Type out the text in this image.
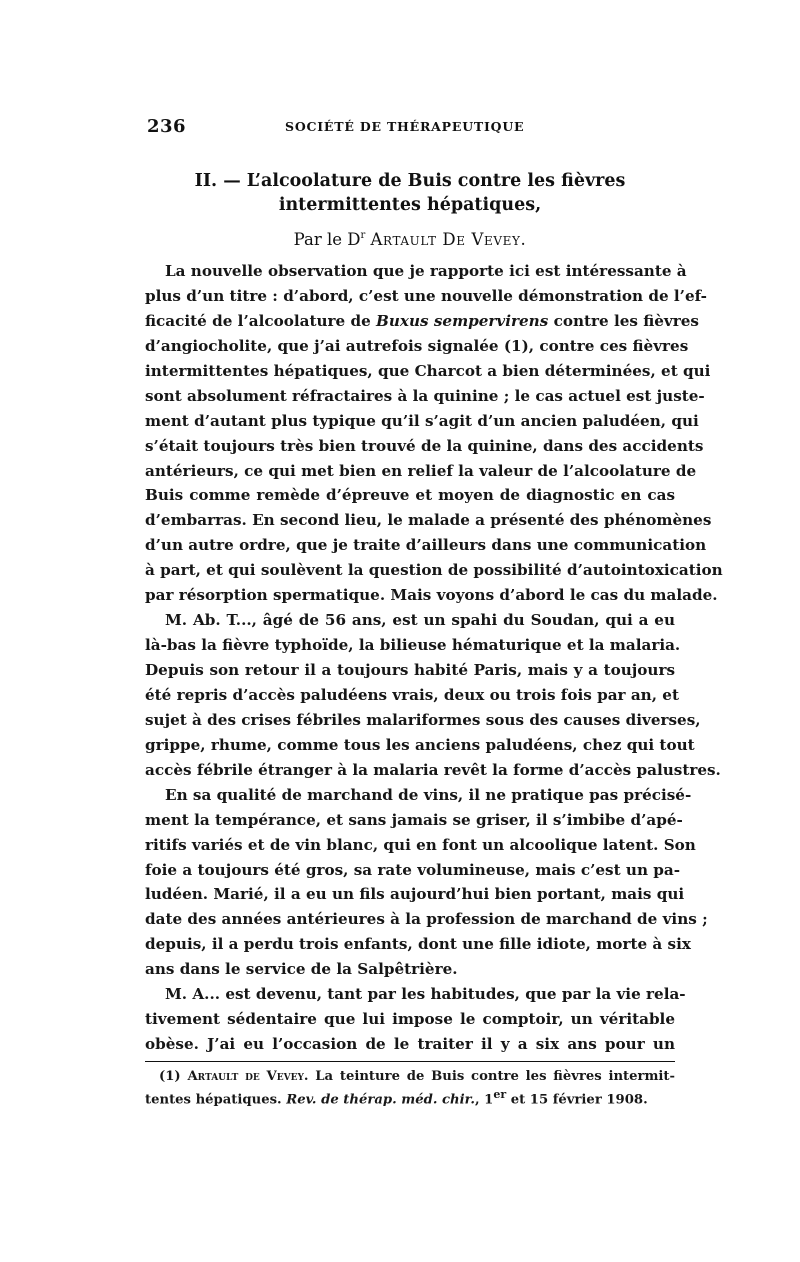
236	SOCIÉTÉ DE THÉRAPEUTIQUE
II. — L’alcoolature de Buis contre les fièvres
intermittentes hépatiques,
Par le $D^r$ Artault De Vevey.
La nouvelle observation que je rapporte ici est intéressante à
plus d’un titre : d’abord, c’est une nouvelle démonstration de l’ef-
ficacité de l’alcoolature de Buxus sempervirens contre les fièvres
d’angiocholite, que j’ai autrefois signalée (1), contre ces fièvres
intermittentes hépatiques, que Charcot a bien déterminées, et qui
sont absolument réfractaires à la quinine ; le cas actuel est juste-
ment d’autant plus typique qu’il s’agit d’un ancien paludéen, qui
s’était toujours très bien trouvé de la quinine, dans des accidents
antérieurs, ce qui met bien en relief la valeur de l’alcoolature de
Buis comme remède d’épreuve et moyen de diagnostic en cas
d’embarras. En second lieu, le malade a présenté des phénomènes
d’un autre ordre, que je traite d’ailleurs dans une communication
à part, et qui soulèvent la question de possibilité d’autointoxication
par résorption spermatique. Mais voyons d’abord le cas du malade.
M. Ab. T..., âgé de 56 ans, est un spahi du Soudan, qui a eu
là-bas la fièvre typhoïde, la bilieuse hématurique et la malaria.
Depuis son retour il a toujours habité Paris, mais y a toujours
été repris d’accès paludéens vrais, deux ou trois fois par an, et
sujet à des crises fébriles malariformes sous des causes diverses,
grippe, rhume, comme tous les anciens paludéens, chez qui tout
accès fébrile étranger à la malaria revêt la forme d’accès palustres.
En sa qualité de marchand de vins, il ne pratique pas précisé-
ment la tempérance, et sans jamais se griser, il s’imbibe d’apé-
ritifs variés et de vin blanc, qui en font un alcoolique latent. Son
foie a toujours été gros, sa rate volumineuse, mais c’est un pa-
ludéen. Marié, il a eu un fils aujourd’hui bien portant, mais qui
date des années antérieures à la profession de marchand de vins ;
depuis, il a perdu trois enfants, dont une fille idiote, morte à six
ans dans le service de la Salpêtrière.
M. A... est devenu, tant par les habitudes, que par la vie rela-
tivement sédentaire que lui impose le comptoir, un véritable
obèse. J’ai eu l’occasion de le traiter il y a six ans pour un
(1) Artault de Vevey. La teinture de Buis contre les fièvres intermit-
tentes hépatiques. Rev. de thérap. méd. chir., 1er et 15 février 1908.
